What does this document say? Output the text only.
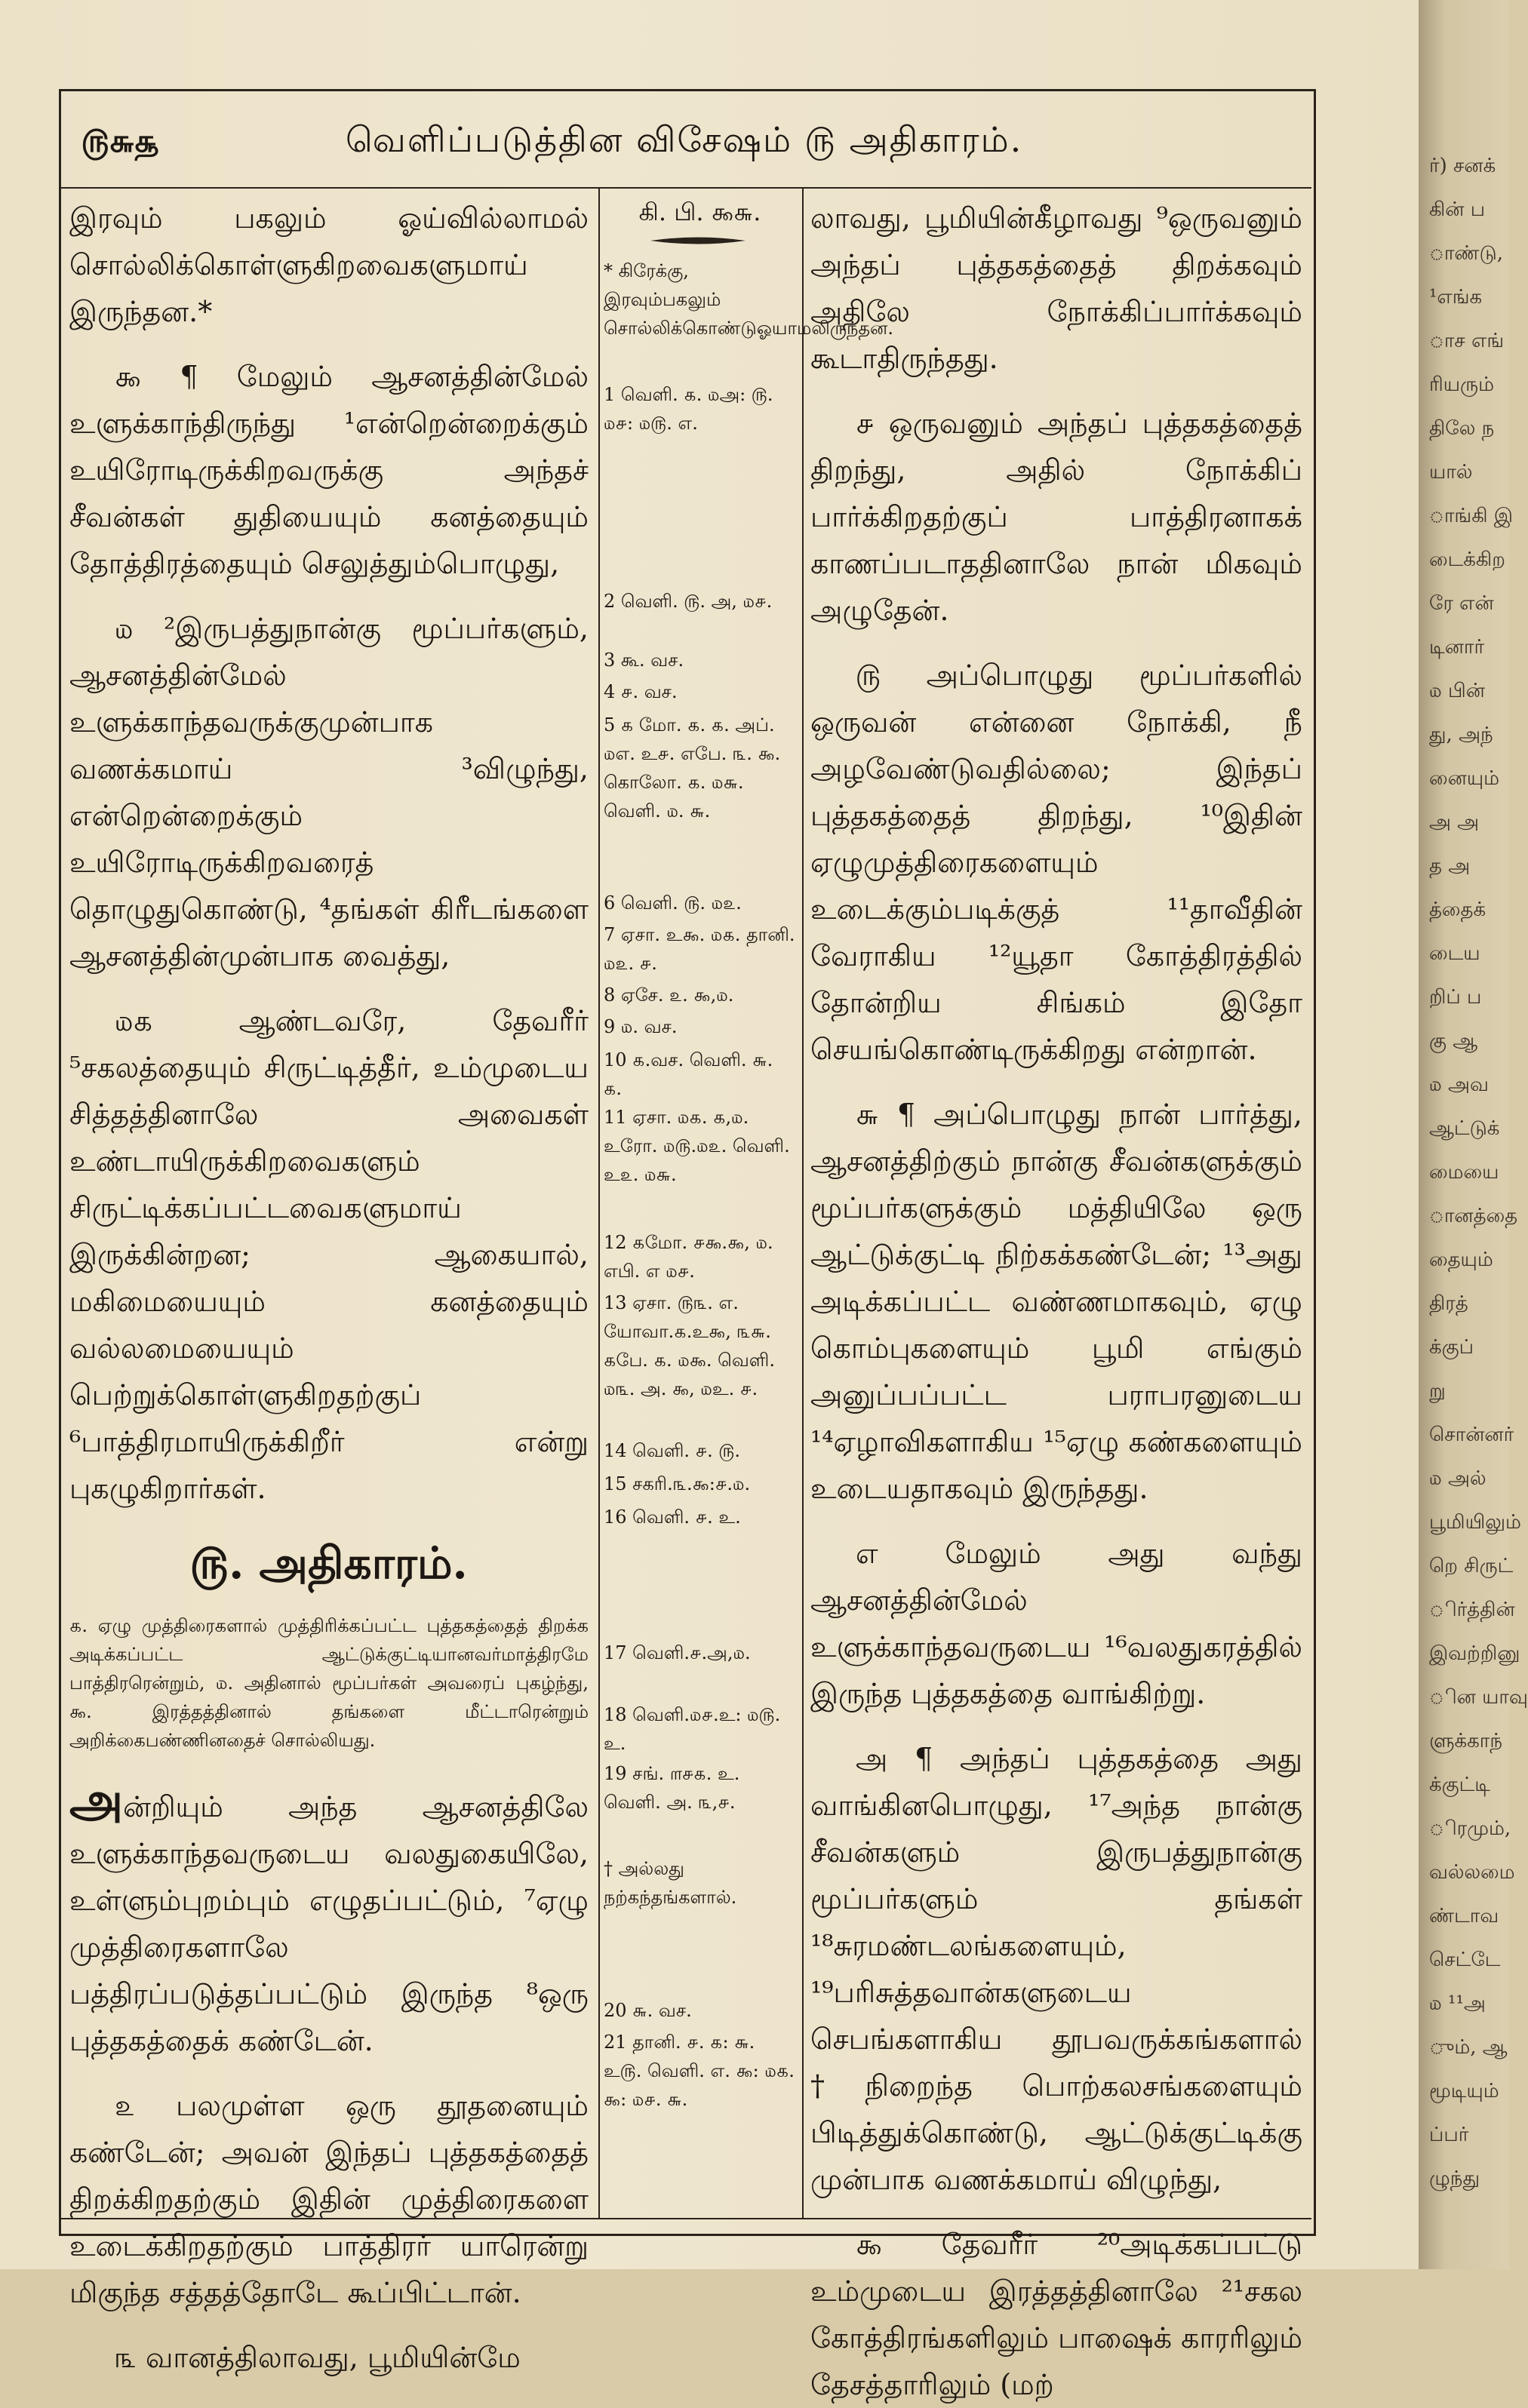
ர்) சனக்
கின் ப
ாண்டு,
¹எங்க
ாச எங்
ரியரும்
திலே ந
யால்
ாங்கி இ
டைக்கிற
ரே என்
டினார்
௰ பின்
து, அந்
னையும்
அ அ
த அ
த்தைக்
டைய
றிப் ப
கு ஆ
௰ அவ
ஆட்டுக்
மையை
ானத்தை
தையும்
திரத்
க்குப்
று
சொன்னர்
௰ அல்
பூமியிலும்
றெ சிருட்
ிர்த்தின்
இவற்றினு
ின யாவு
ளுக்காந்
க்குட்டி
ிரமும்,
வல்லமை
ண்டாவ
செட்டே
௰ ¹¹அ
ும், ஆ
மூடியும்
ப்பர்
ழுந்து
௫௬௲	வெளிப்படுத்தின விசேஷம் ௫ அதிகாரம்.

இரவும் பகலும் ஓய்வில்லாமல் சொல்லிக்கொள்ளுகிறவைகளுமாய் இருந்தன.*

௯ ¶ மேலும் ஆசனத்தின்மேல் உளுக்காந்திருந்து ¹என்றென்றைக்கும் உயிரோடிருக்கிறவருக்கு அந்தச் சீவன்கள் துதியையும் கனத்தையும் தோத்திரத்தையும் செலுத்தும்பொழுது,

௰ ²இருபத்துநான்கு மூப்பர்களும், ஆசனத்தின்மேல் உளுக்காந்தவருக்குமுன்பாக வணக்கமாய் ³விழுந்து, என்றென்றைக்கும் உயிரோடிருக்கிறவரைத் தொழுதுகொண்டு, ⁴தங்கள் கிரீடங்களை ஆசனத்தின்முன்பாக வைத்து,

௰௧ ஆண்டவரே, தேவரீர் ⁵சகலத்தையும் சிருட்டித்தீர், உம்முடைய சித்தத்தினாலே அவைகள் உண்டாயிருக்கிறவைகளும் சிருட்டிக்கப்பட்டவைகளுமாய் இருக்கின்றன; ஆகையால், மகிமையையும் கனத்தையும் வல்லமையையும் பெற்றுக்கொள்ளுகிறதற்குப் ⁶பாத்திரமாயிருக்கிறீர் என்று புகழுகிறார்கள்.

௫. அதிகாரம்.
௧. ஏழு முத்திரைகளால் முத்திரிக்கப்பட்ட புத்தகத்தைத் திறக்க அடிக்கப்பட்ட ஆட்டுக்குட்டியானவர்மாத்திரமே பாத்திரரென்றும், ௰. அதினால் மூப்பர்கள் அவரைப் புகழ்ந்து, ௯. இரத்தத்தினால் தங்களை மீட்டாரென்றும் அறிக்கைபண்ணினதைச் சொல்லியது.

அன்றியும் அந்த ஆசனத்திலே உளுக்காந்தவருடைய வலதுகையிலே, உள்ளும்புறம்பும் எழுதப்பட்டும், ⁷ஏழு முத்திரைகளாலே பத்திரப்படுத்தப்பட்டும் இருந்த ⁸ஒரு புத்தகத்தைக் கண்டேன்.

௨ பலமுள்ள ஒரு தூதனையும் கண்டேன்; அவன் இந்தப் புத்தகத்தைத் திறக்கிறதற்கும் இதின் முத்திரைகளை உடைக்கிறதற்கும் பாத்திரர் யாரென்று மிகுந்த சத்தத்தோடே கூப்பிட்டான்.

௩ வானத்திலாவது, பூமியின்மே

கி. பி. ௯௬.
* கிரேக்கு, இரவும்பகலும் சொல்லிக்கொண்டுஓயாமலிருந்தன.
1 வெளி. ௧. ௰அ: ௫. ௰௪: ௰௫. எ.
2 வெளி. ௫. அ, ௰௪.
3 கூ. வச.
4 ௪. வச.
5 ௧ மோ. ௧. ௧. அப். ௰எ. உ௪. எபே. ௩. ௯. கொலோ. ௧. ௰௬. வெளி. ௰. ௬.
6 வெளி. ௫. ௰௨.
7 ஏசா. உ௯. ௰௧. தானி. ௰௨. ௪.
8 ஏசே. ௨. ௯,௰.
9 ௰. வச.
10 ௧.வச. வெளி. ௬. ௧.
11 ஏசா. ௰௧. ௧,௰. உரோ. ௰௫.௰௨. வெளி. உ௨. ௰௬.
12 ௧மோ. ௪௯.௯, ௰. எபி. எ ௰௪.
13 ஏசா. ௫௩. எ. யோவா.௧.உ௯, ௩௬. ௧பே. ௧. ௰௯. வெளி. ௰௩. அ. ௯, ௰உ. ௪.
14 வெளி. ௪. ௫.
15 சகரி.௩.௯:௪.௰.
16 வெளி. ௪. உ.
17 வெளி.௪.அ,௰.
18 வெளி.௰௪.உ: ௰௫. உ.
19 சங். ௱௪௧. உ. வெளி. அ. ௩,௪.
† அல்லது நற்கந்தங்களால்.
20 ௬. வச.
21 தானி. ௪. ௧: ௬. உ௫. வெளி. எ. ௯: ௰௧. ௯: ௰௪. ௬.

லாவது, பூமியின்கீழாவது ⁹ஒருவனும் அந்தப் புத்தகத்தைத் திறக்கவும் அதிலே நோக்கிப்பார்க்கவும் கூடாதிருந்தது.

௪ ஒருவனும் அந்தப் புத்தகத்தைத் திறந்து, அதில் நோக்கிப் பார்க்கிறதற்குப் பாத்திரனாகக் காணப்படாததினாலே நான் மிகவும் அழுதேன்.

௫ அப்பொழுது மூப்பர்களில் ஒருவன் என்னை நோக்கி, நீ அழவேண்டுவதில்லை; இந்தப் புத்தகத்தைத் திறந்து, ¹⁰இதின் ஏழுமுத்திரைகளையும் உடைக்கும்படிக்குத் ¹¹தாவீதின் வேராகிய ¹²யூதா கோத்திரத்தில் தோன்றிய சிங்கம் இதோ செயங்கொண்டிருக்கிறது என்றான்.

௬ ¶ அப்பொழுது நான் பார்த்து, ஆசனத்திற்கும் நான்கு சீவன்களுக்கும் மூப்பர்களுக்கும் மத்தியிலே ஒரு ஆட்டுக்குட்டி நிற்கக்கண்டேன்; ¹³அது அடிக்கப்பட்ட வண்ணமாகவும், ஏழு கொம்புகளையும் பூமி எங்கும் அனுப்பப்பட்ட பராபரனுடைய ¹⁴ஏழாவிகளாகிய ¹⁵ஏழு கண்களையும் உடையதாகவும் இருந்தது.

எ மேலும் அது வந்து ஆசனத்தின்மேல் உளுக்காந்தவருடைய ¹⁶வலதுகரத்தில் இருந்த புத்தகத்தை வாங்கிற்று.

அ ¶ அந்தப் புத்தகத்தை அது வாங்கினபொழுது, ¹⁷அந்த நான்கு சீவன்களும் இருபத்துநான்கு மூப்பர்களும் தங்கள் ¹⁸சுரமண்டலங்களையும், ¹⁹பரிசுத்தவான்களுடைய செபங்களாகிய தூபவருக்கங்களால் †நிறைந்த பொற்கலசங்களையும் பிடித்துக்கொண்டு, ஆட்டுக்குட்டிக்கு முன்பாக வணக்கமாய் விழுந்து,

௯ தேவரீர் ²⁰அடிக்கப்பட்டு உம்முடைய இரத்தத்தினாலே ²¹சகல கோத்திரங்களிலும் பாஷைக் காரரிலும் தேசத்தாரிலும் (மற்
